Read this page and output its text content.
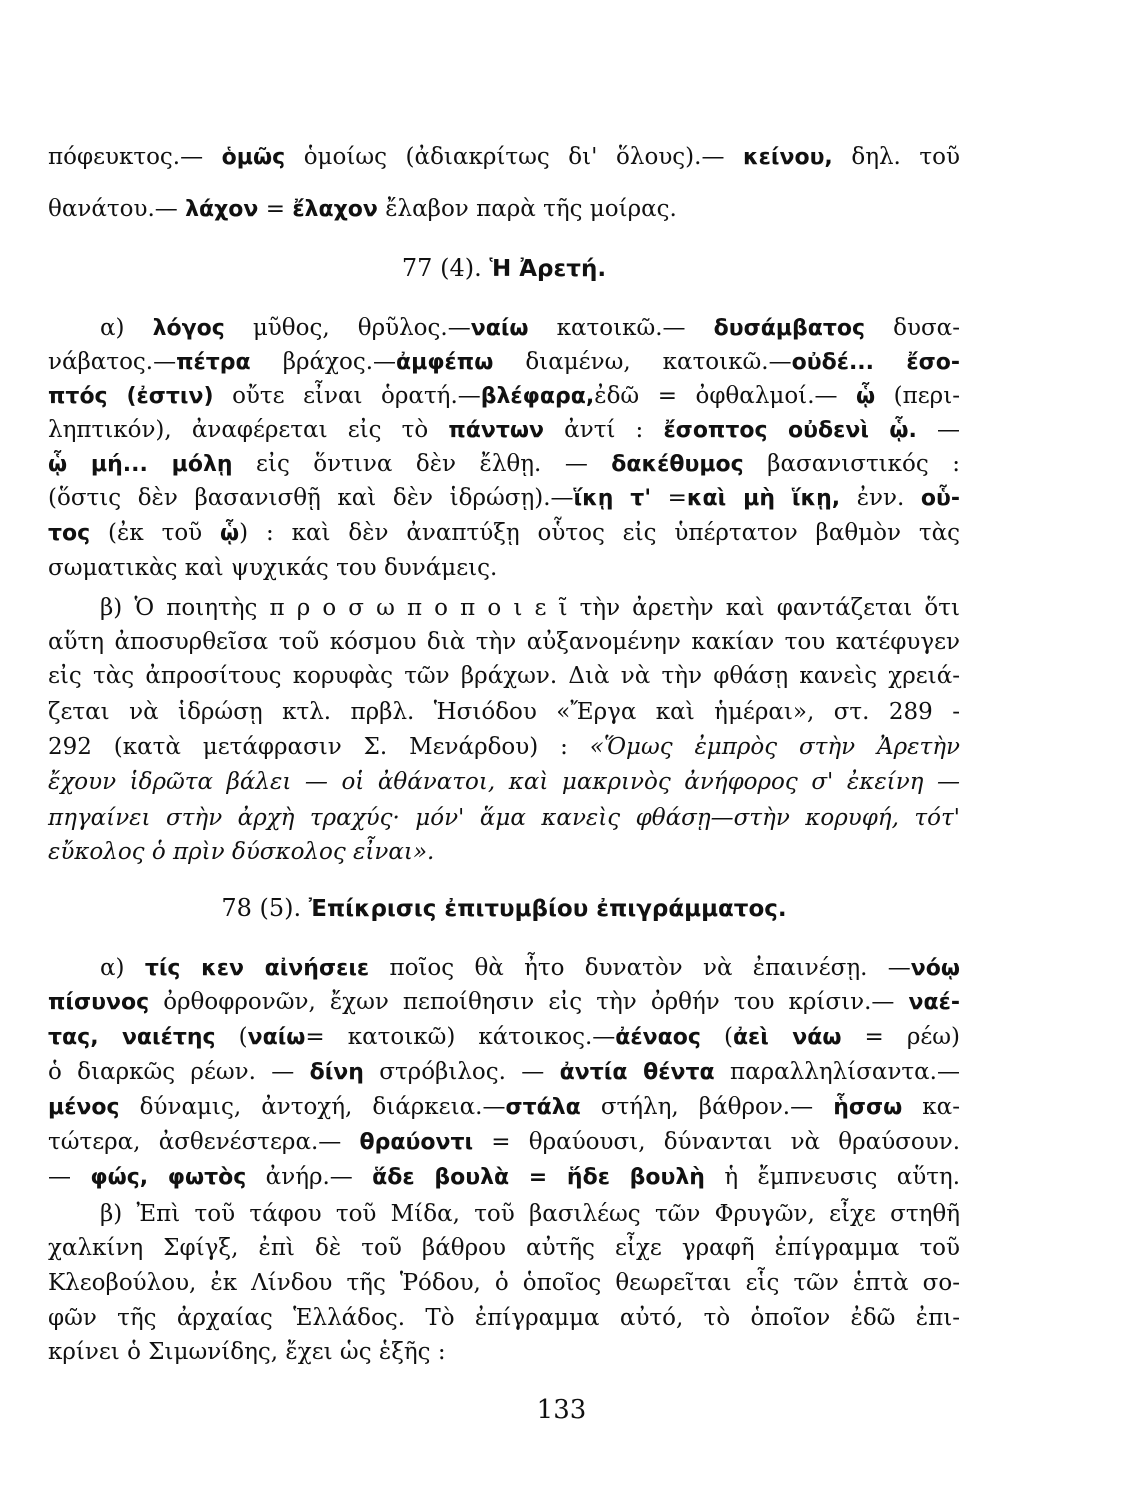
πόφευκτος.— ὁμῶς ὁμοίως (ἀδιακρίτως δι' ὅλους).— κείνου, δηλ. τοῦ
θανάτου.— λάχον = ἔλαχον ἔλαβον παρὰ τῆς μοίρας.
77 (4). Ἡ Ἀρετή.
α) λόγος μῦθος, θρῦλος.—ναίω κατοικῶ.— δυσάμβατος δυσα-
νάβατος.—πέτρα βράχος.—ἀμφέπω διαμένω, κατοικῶ.—οὐδέ... ἔσο-
πτός (ἐστιν) οὔτε εἶναι ὁρατή.—βλέφαρα,ἐδῶ = ὀφθαλμοί.— ᾧ (περι-
ληπτικόν), ἀναφέρεται εἰς τὸ πάντων ἀντί : ἔσοπτος οὐδενὶ ᾧ. —
ᾧ μή... μόλῃ εἰς ὅντινα δὲν ἔλθῃ. — δακέθυμος βασανιστικός :
(ὅστις δὲν βασανισθῇ καὶ δὲν ἱδρώσῃ).—ἵκῃ τ' =καὶ μὴ ἵκῃ, ἐνν. οὗ-
τος (ἐκ τοῦ ᾧ) : καὶ δὲν ἀναπτύξῃ οὗτος εἰς ὑπέρτατον βαθμὸν τὰς
σωματικὰς καὶ ψυχικάς του δυνάμεις.
β) Ὁ ποιητὴς π ρ ο σ ω π ο π ο ι ε ῖ τὴν ἀρετὴν καὶ φαντάζεται ὅτι
αὕτη ἀποσυρθεῖσα τοῦ κόσμου διὰ τὴν αὐξανομένην κακίαν του κατέφυγεν
εἰς τὰς ἀπροσίτους κορυφὰς τῶν βράχων. Διὰ νὰ τὴν φθάσῃ κανεὶς χρειά-
ζεται νὰ ἱδρώσῃ κτλ. πρβλ. Ἡσιόδου «Ἔργα καὶ ἡμέραι», στ. 289 -
292 (κατὰ μετάφρασιν Σ. Μενάρδου) : «Ὅμως ἐμπρὸς στὴν Ἀρετὴν
ἔχουν ἱδρῶτα βάλει — οἱ ἀθάνατοι, καὶ μακρινὸς ἀνήφορος σ' ἐκείνη —
πηγαίνει στὴν ἀρχὴ τραχύς· μόν' ἅμα κανεὶς φθάσῃ—στὴν κορυφή, τότ'
εὔκολος ὁ πρὶν δύσκολος εἶναι».
78 (5). Ἐπίκρισις ἐπιτυμβίου ἐπιγράμματος.
α) τίς κεν αἰνήσειε ποῖος θὰ ἦτο δυνατὸν νὰ ἐπαινέσῃ. —νόῳ
πίσυνος ὀρθοφρονῶν, ἔχων πεποίθησιν εἰς τὴν ὀρθήν του κρίσιν.— ναέ-
τας, ναιέτης (ναίω= κατοικῶ) κάτοικος.—ἀέναος (ἀεὶ νάω = ρέω)
ὁ διαρκῶς ρέων. — δίνη στρόβιλος. — ἀντία θέντα παραλληλίσαντα.—
μένος δύναμις, ἀντοχή, διάρκεια.—στάλα στήλη, βάθρον.— ἧσσω κα-
τώτερα, ἀσθενέστερα.— θραύοντι = θραύουσι, δύνανται νὰ θραύσουν.
— φώς, φωτὸς ἀνήρ.— ἅδε βουλὰ = ἥδε βουλὴ ἡ ἔμπνευσις αὕτη.
β) Ἐπὶ τοῦ τάφου τοῦ Μίδα, τοῦ βασιλέως τῶν Φρυγῶν, εἶχε στηθῆ
χαλκίνη Σφίγξ, ἐπὶ δὲ τοῦ βάθρου αὐτῆς εἶχε γραφῆ ἐπίγραμμα τοῦ
Κλεοβούλου, ἐκ Λίνδου τῆς Ῥόδου, ὁ ὁποῖος θεωρεῖται εἷς τῶν ἑπτὰ σο-
φῶν τῆς ἀρχαίας Ἑλλάδος. Τὸ ἐπίγραμμα αὐτό, τὸ ὁποῖον ἐδῶ ἐπι-
κρίνει ὁ Σιμωνίδης, ἔχει ὡς ἑξῆς :
133
